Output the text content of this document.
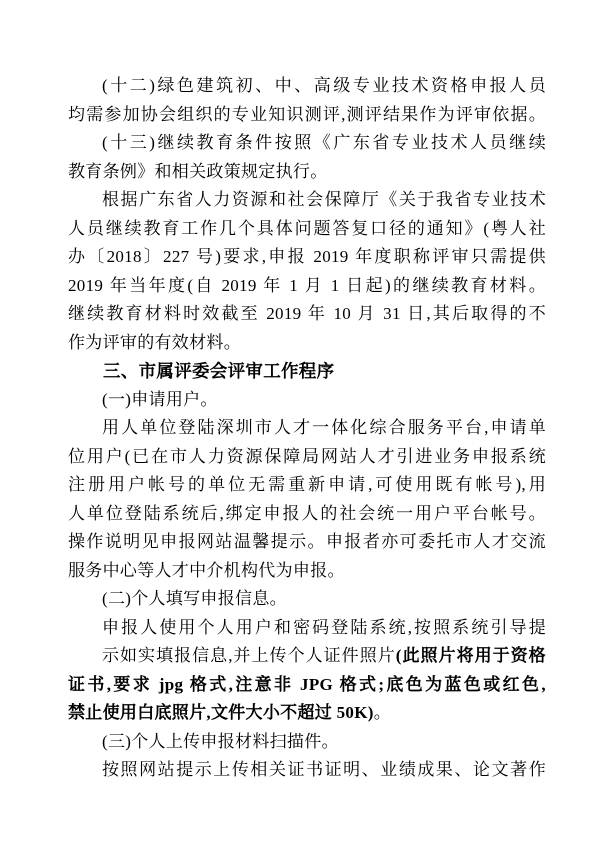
(十二)绿色建筑初、中、高级专业技术资格申报人员
均需参加协会组织的专业知识测评,测评结果作为评审依据。
(十三)继续教育条件按照《广东省专业技术人员继续
教育条例》和相关政策规定执行。
根据广东省人力资源和社会保障厅《关于我省专业技术
人员继续教育工作几个具体问题答复口径的通知》(粤人社
办〔2018〕227 号)要求,申报 2019 年度职称评审只需提供
2019 年当年度(自 2019 年 1 月 1 日起)的继续教育材料。
继续教育材料时效截至 2019 年 10 月 31 日,其后取得的不
作为评审的有效材料。
三、市属评委会评审工作程序
(一)申请用户。
用人单位登陆深圳市人才一体化综合服务平台,申请单
位用户(已在市人力资源保障局网站人才引进业务申报系统
注册用户帐号的单位无需重新申请,可使用既有帐号),用
人单位登陆系统后,绑定申报人的社会统一用户平台帐号。
操作说明见申报网站温馨提示。申报者亦可委托市人才交流
服务中心等人才中介机构代为申报。
(二)个人填写申报信息。
申报人使用个人用户和密码登陆系统,按照系统引导提
示如实填报信息,并上传个人证件照片(此照片将用于资格
证书,要求 jpg 格式,注意非 JPG 格式;底色为蓝色或红色,
禁止使用白底照片,文件大小不超过 50K)。
(三)个人上传申报材料扫描件。
按照网站提示上传相关证书证明、业绩成果、论文著作
